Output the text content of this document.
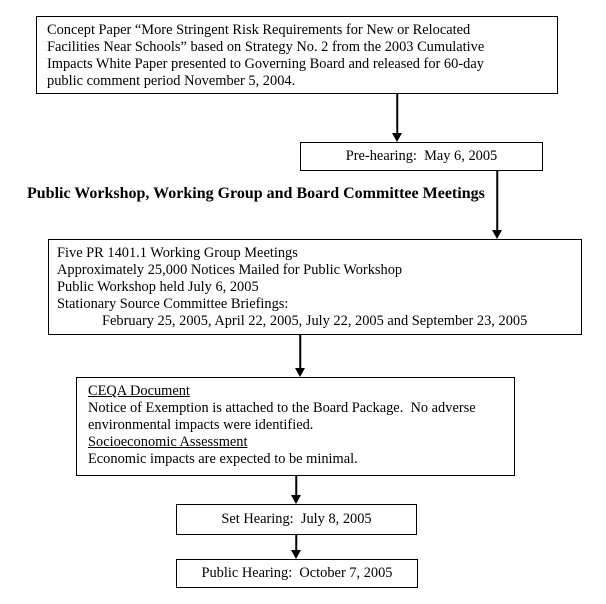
Concept Paper “More Stringent Risk Requirements for New or Relocated
Facilities Near Schools” based on Strategy No. 2 from the 2003 Cumulative
Impacts White Paper presented to Governing Board and released for 60-day
public comment period November 5, 2004.
Pre-hearing:  May 6, 2005
Public Workshop, Working Group and Board Committee Meetings
Five PR 1401.1 Working Group Meetings
Approximately 25,000 Notices Mailed for Public Workshop
Public Workshop held July 6, 2005
Stationary Source Committee Briefings:
February 25, 2005, April 22, 2005, July 22, 2005 and September 23, 2005
CEQA Document
Notice of Exemption is attached to the Board Package.  No adverse
environmental impacts were identified.
Socioeconomic Assessment
Economic impacts are expected to be minimal.
Set Hearing:  July 8, 2005
Public Hearing:  October 7, 2005
